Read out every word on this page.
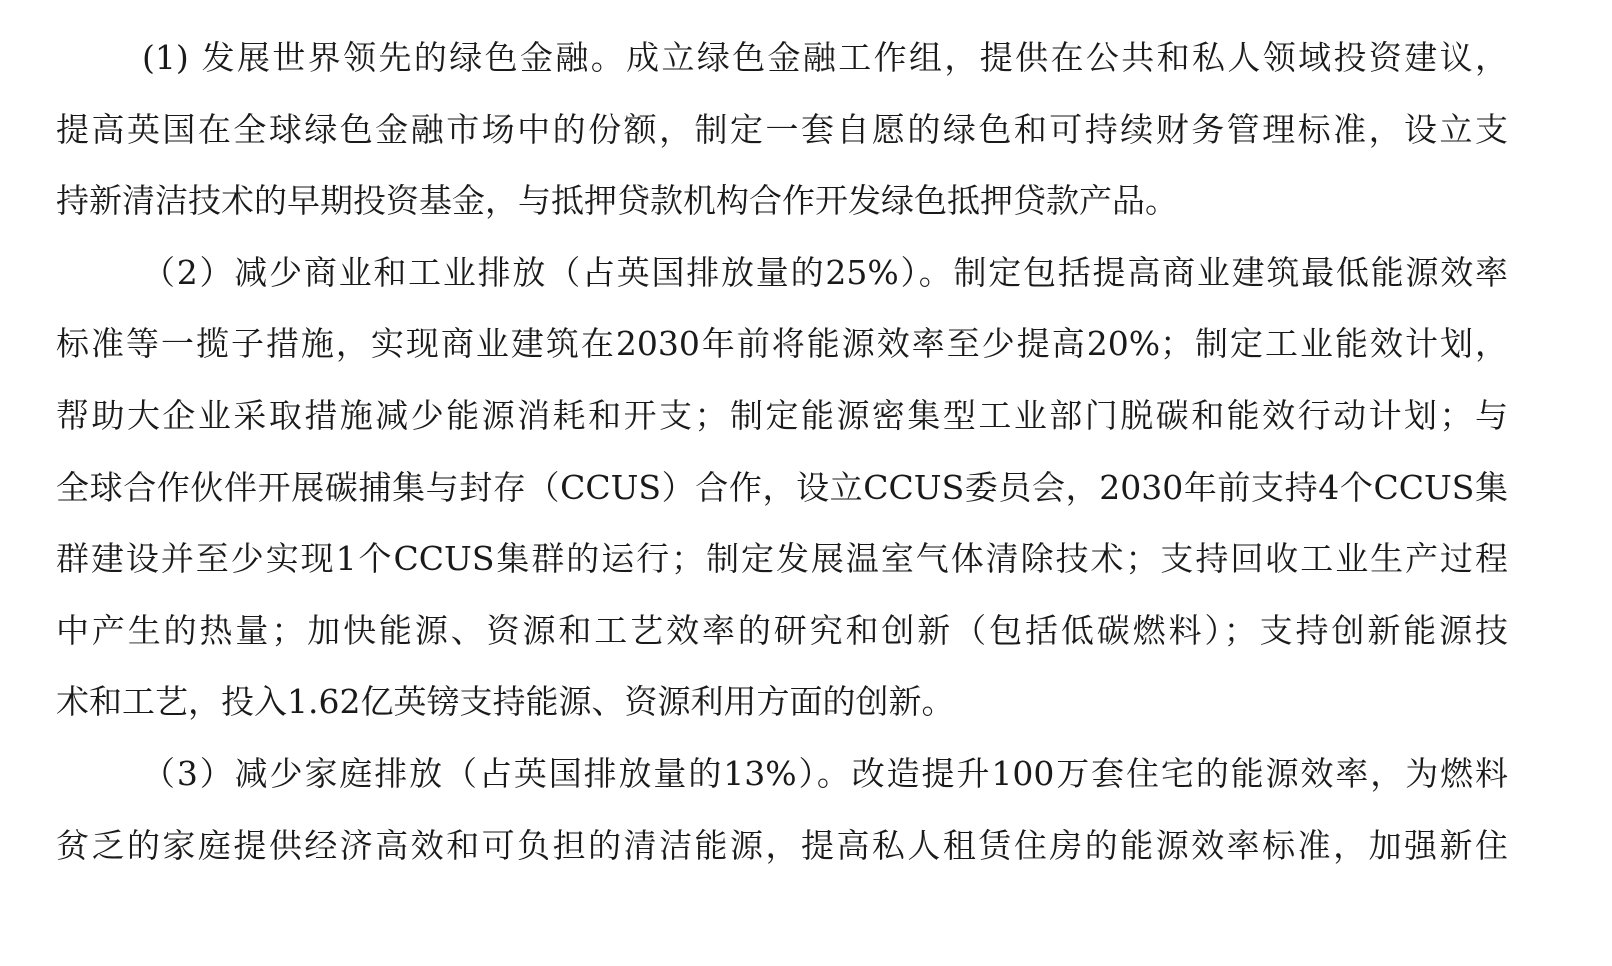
(1) 发展世界领先的绿色金融。成立绿色金融工作组，提供在公共和私人领域投资建议，
提高英国在全球绿色金融市场中的份额，制定一套自愿的绿色和可持续财务管理标准，设立支
持新清洁技术的早期投资基金，与抵押贷款机构合作开发绿色抵押贷款产品。
（2）减少商业和工业排放（占英国排放量的25%）。制定包括提高商业建筑最低能源效率
标准等一揽子措施，实现商业建筑在2030年前将能源效率至少提高20%；制定工业能效计划，
帮助大企业采取措施减少能源消耗和开支；制定能源密集型工业部门脱碳和能效行动计划；与
全球合作伙伴开展碳捕集与封存（CCUS）合作，设立CCUS委员会，2030年前支持4个CCUS集
群建设并至少实现1个CCUS集群的运行；制定发展温室气体清除技术；支持回收工业生产过程
中产生的热量；加快能源、资源和工艺效率的研究和创新（包括低碳燃料）；支持创新能源技
术和工艺，投入1.62亿英镑支持能源、资源利用方面的创新。
（3）减少家庭排放（占英国排放量的13%）。改造提升100万套住宅的能源效率，为燃料
贫乏的家庭提供经济高效和可负担的清洁能源，提高私人租赁住房的能源效率标准，加强新住
